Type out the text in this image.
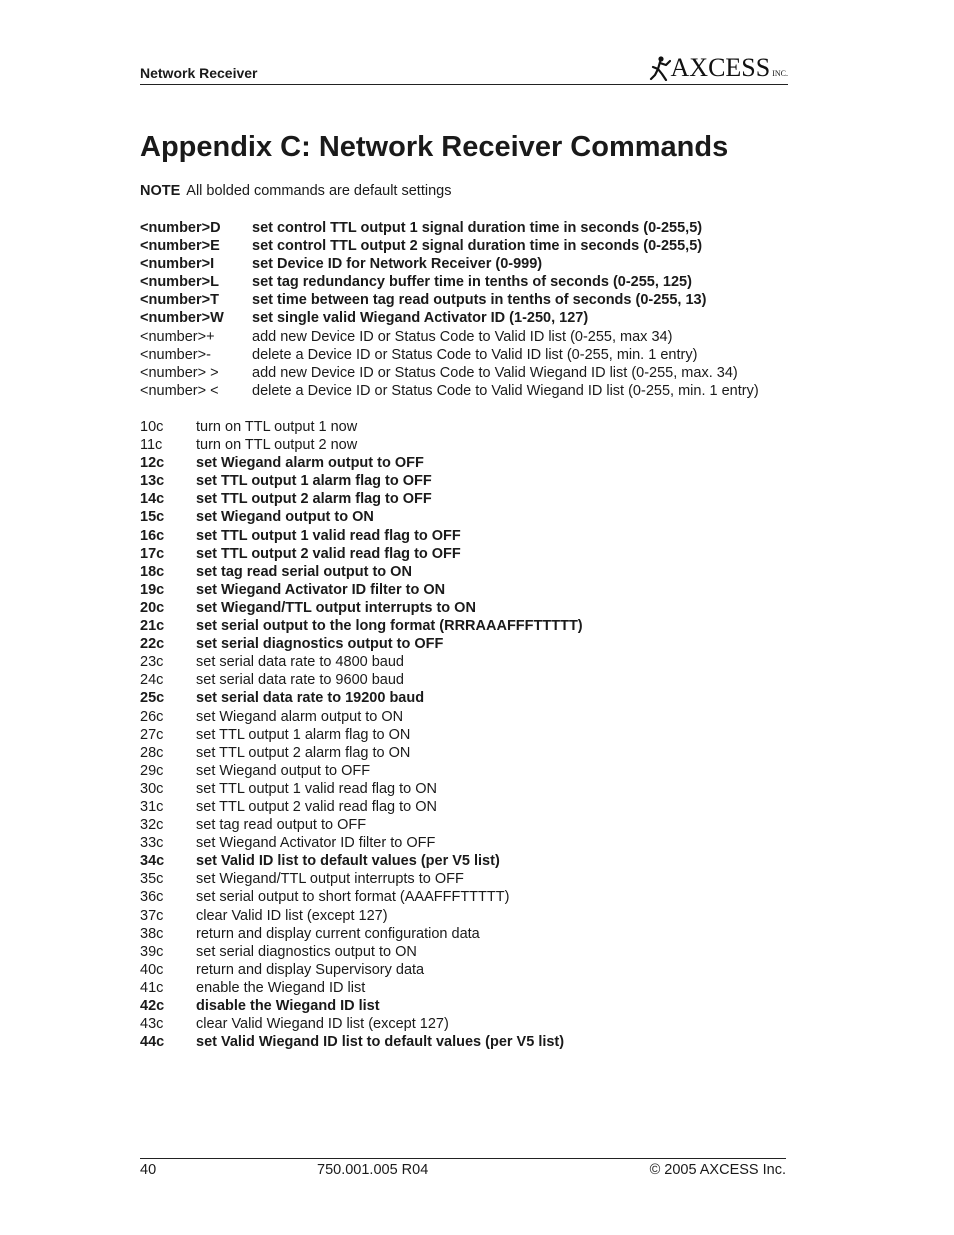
Network Receiver	AXCESS INC.
Appendix C: Network Receiver Commands
NOTE All bolded commands are default settings
<number>D set control TTL output 1 signal duration time in seconds (0-255,5)
<number>E set control TTL output 2 signal duration time in seconds (0-255,5)
<number>I	set Device ID for Network Receiver (0-999)
<number>L set tag redundancy buffer time in tenths of seconds (0-255, 125)
<number>T set time between tag read outputs in tenths of seconds (0-255, 13)
<number>W set single valid Wiegand Activator ID (1-250, 127)
<number>+	add new Device ID or Status Code to Valid ID list (0-255, max 34)
<number>-	delete a Device ID or Status Code to Valid ID list (0-255, min. 1 entry)
<number> > add new Device ID or Status Code to Valid Wiegand ID list (0-255, max. 34)
<number> < delete a Device ID or Status Code to Valid Wiegand ID list (0-255, min. 1 entry)
10c turn on TTL output 1 now
11c turn on TTL output 2 now
12c set Wiegand alarm output to OFF
13c set TTL output 1 alarm flag to OFF
14c set TTL output 2 alarm flag to OFF
15c set Wiegand output to ON
16c set TTL output 1 valid read flag to OFF
17c set TTL output 2 valid read flag to OFF
18c set tag read serial output to ON
19c set Wiegand Activator ID filter to ON
20c set Wiegand/TTL output interrupts to ON
21c set serial output to the long format (RRRAAAFFFTTTTT)
22c set serial diagnostics output to OFF
23c set serial data rate to 4800 baud
24c set serial data rate to 9600 baud
25c set serial data rate to 19200 baud
26c set Wiegand alarm output to ON
27c set TTL output 1 alarm flag to ON
28c set TTL output 2 alarm flag to ON
29c set Wiegand output to OFF
30c set TTL output 1 valid read flag to ON
31c set TTL output 2 valid read flag to ON
32c set tag read output to OFF
33c set Wiegand Activator ID filter to OFF
34c set Valid ID list to default values (per V5 list)
35c set Wiegand/TTL output interrupts to OFF
36c set serial output to short format (AAAFFFTTTTT)
37c clear Valid ID list (except 127)
38c return and display current configuration data
39c set serial diagnostics output to ON
40c return and display Supervisory data
41c enable the Wiegand ID list
42c disable the Wiegand ID list
43c clear Valid Wiegand ID list (except 127)
44c set Valid Wiegand ID list to default values (per V5 list)
40	750.001.005 R04	© 2005 AXCESS Inc.
